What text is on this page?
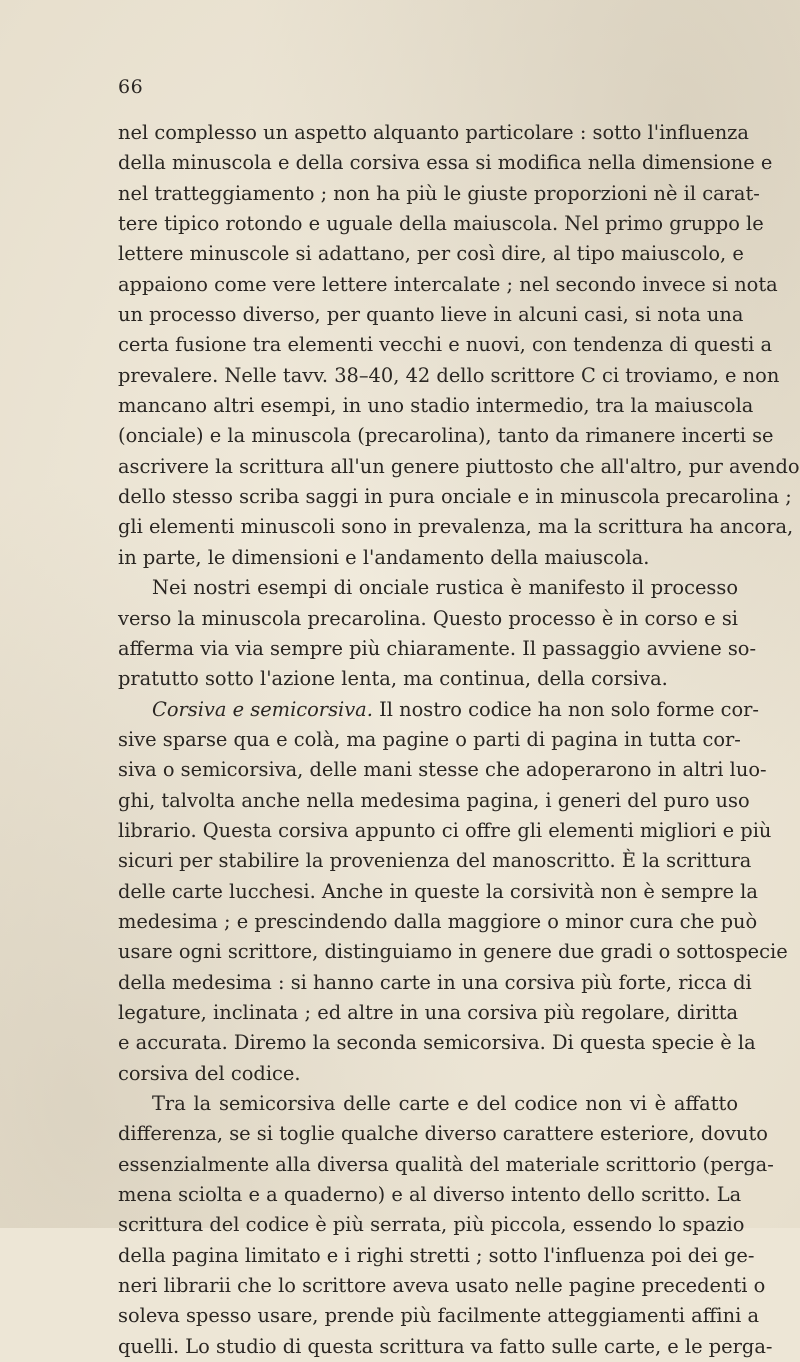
66
nel complesso un aspetto alquanto particolare : sotto l'influenza
della minuscola e della corsiva essa si modifica nella dimensione e
nel tratteggiamento ; non ha più le giuste proporzioni nè il carat-
tere tipico rotondo e uguale della maiuscola. Nel primo gruppo le
lettere minuscole si adattano, per così dire, al tipo maiuscolo, e
appaiono come vere lettere intercalate ; nel secondo invece si nota
un processo diverso, per quanto lieve in alcuni casi, si nota una
certa fusione tra elementi vecchi e nuovi, con tendenza di questi a
prevalere. Nelle tavv. 38–40, 42 dello scrittore C ci troviamo, e non
mancano altri esempi, in uno stadio intermedio, tra la maiuscola
(onciale) e la minuscola (precarolina), tanto da rimanere incerti se
ascrivere la scrittura all'un genere piuttosto che all'altro, pur avendo
dello stesso scriba saggi in pura onciale e in minuscola precarolina ;
gli elementi minuscoli sono in prevalenza, ma la scrittura ha ancora,
in parte, le dimensioni e l'andamento della maiuscola.
Nei nostri esempi di onciale rustica è manifesto il processo
verso la minuscola precarolina. Questo processo è in corso e si
afferma via via sempre più chiaramente. Il passaggio avviene so-
pratutto sotto l'azione lenta, ma continua, della corsiva.
Corsiva e semicorsiva. Il nostro codice ha non solo forme cor-
sive sparse qua e colà, ma pagine o parti di pagina in tutta cor-
siva o semicorsiva, delle mani stesse che adoperarono in altri luo-
ghi, talvolta anche nella medesima pagina, i generi del puro uso
librario. Questa corsiva appunto ci offre gli elementi migliori e più
sicuri per stabilire la provenienza del manoscritto. È la scrittura
delle carte lucchesi. Anche in queste la corsività non è sempre la
medesima ; e prescindendo dalla maggiore o minor cura che può
usare ogni scrittore, distinguiamo in genere due gradi o sottospecie
della medesima : si hanno carte in una corsiva più forte, ricca di
legature, inclinata ; ed altre in una corsiva più regolare, diritta
e accurata. Diremo la seconda semicorsiva. Di questa specie è la
corsiva del codice.
Tra la semicorsiva delle carte e del codice non vi è affatto
differenza, se si toglie qualche diverso carattere esteriore, dovuto
essenzialmente alla diversa qualità del materiale scrittorio (perga-
mena sciolta e a quaderno) e al diverso intento dello scritto. La
scrittura del codice è più serrata, più piccola, essendo lo spazio
della pagina limitato e i righi stretti ; sotto l'influenza poi dei ge-
neri librarii che lo scrittore aveva usato nelle pagine precedenti o
soleva spesso usare, prende più facilmente atteggiamenti affini a
quelli. Lo studio di questa scrittura va fatto sulle carte, e le perga-
